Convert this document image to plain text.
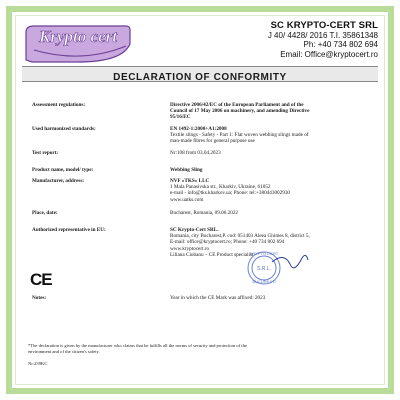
Krypto cert
SC KRYPTO-CERT SRL
J 40/ 4428/ 2016 T.I. 35861348
Ph: +40 734 802 694
Email: Office@kryptocert.ro
DECLARATION OF CONFORMITY
Assessment regulations:	Directive 2006/42/EC of the European Parliament and of the
Council of 17 May 2006 on machinery, and amending Directive
95/16/EC
Used harmonized standards:	EN 1492-1:2000+A1:2008
Textile slings - Safety - Part 1: Flat woven webbing slings made of
man-made fibres for general purpose use
Test report:	Nr:108 from 03.04.2023
Product name, model/ type:	Webbing Sling
Manufacturer, address:	NVF «TKS» LLC
1 Mala Panasivska str., Kharkiv, Ukraine, 61052
e-mail - info@tks.kharkov.ua; Phone: tel:+380443002930
www.uatks.com
Place, date:	Bucharest, Romania, 09.06.2022
Authorized representative in EU:	SC Krypto-Cert SRL.
Romania, city Bucharest,P. cod: 051403 Aleea Ghimes 8, district 5,
E-mail: office@kryptocert.ro; Phone: +40 734 802 694
www.kryptocert.ro
Liliana Ciobanu – CE Product specialist
S.R.L.
KRYPTO-CERT
BUCURESTI
CE
Notes:	Year in which the CE Mark was affixed: 2023
*The declaration is given by the manufacturer who claims that he fulfills all the norms of security and protection of the
environment and of the citizen's safety.
Nr:239KC
